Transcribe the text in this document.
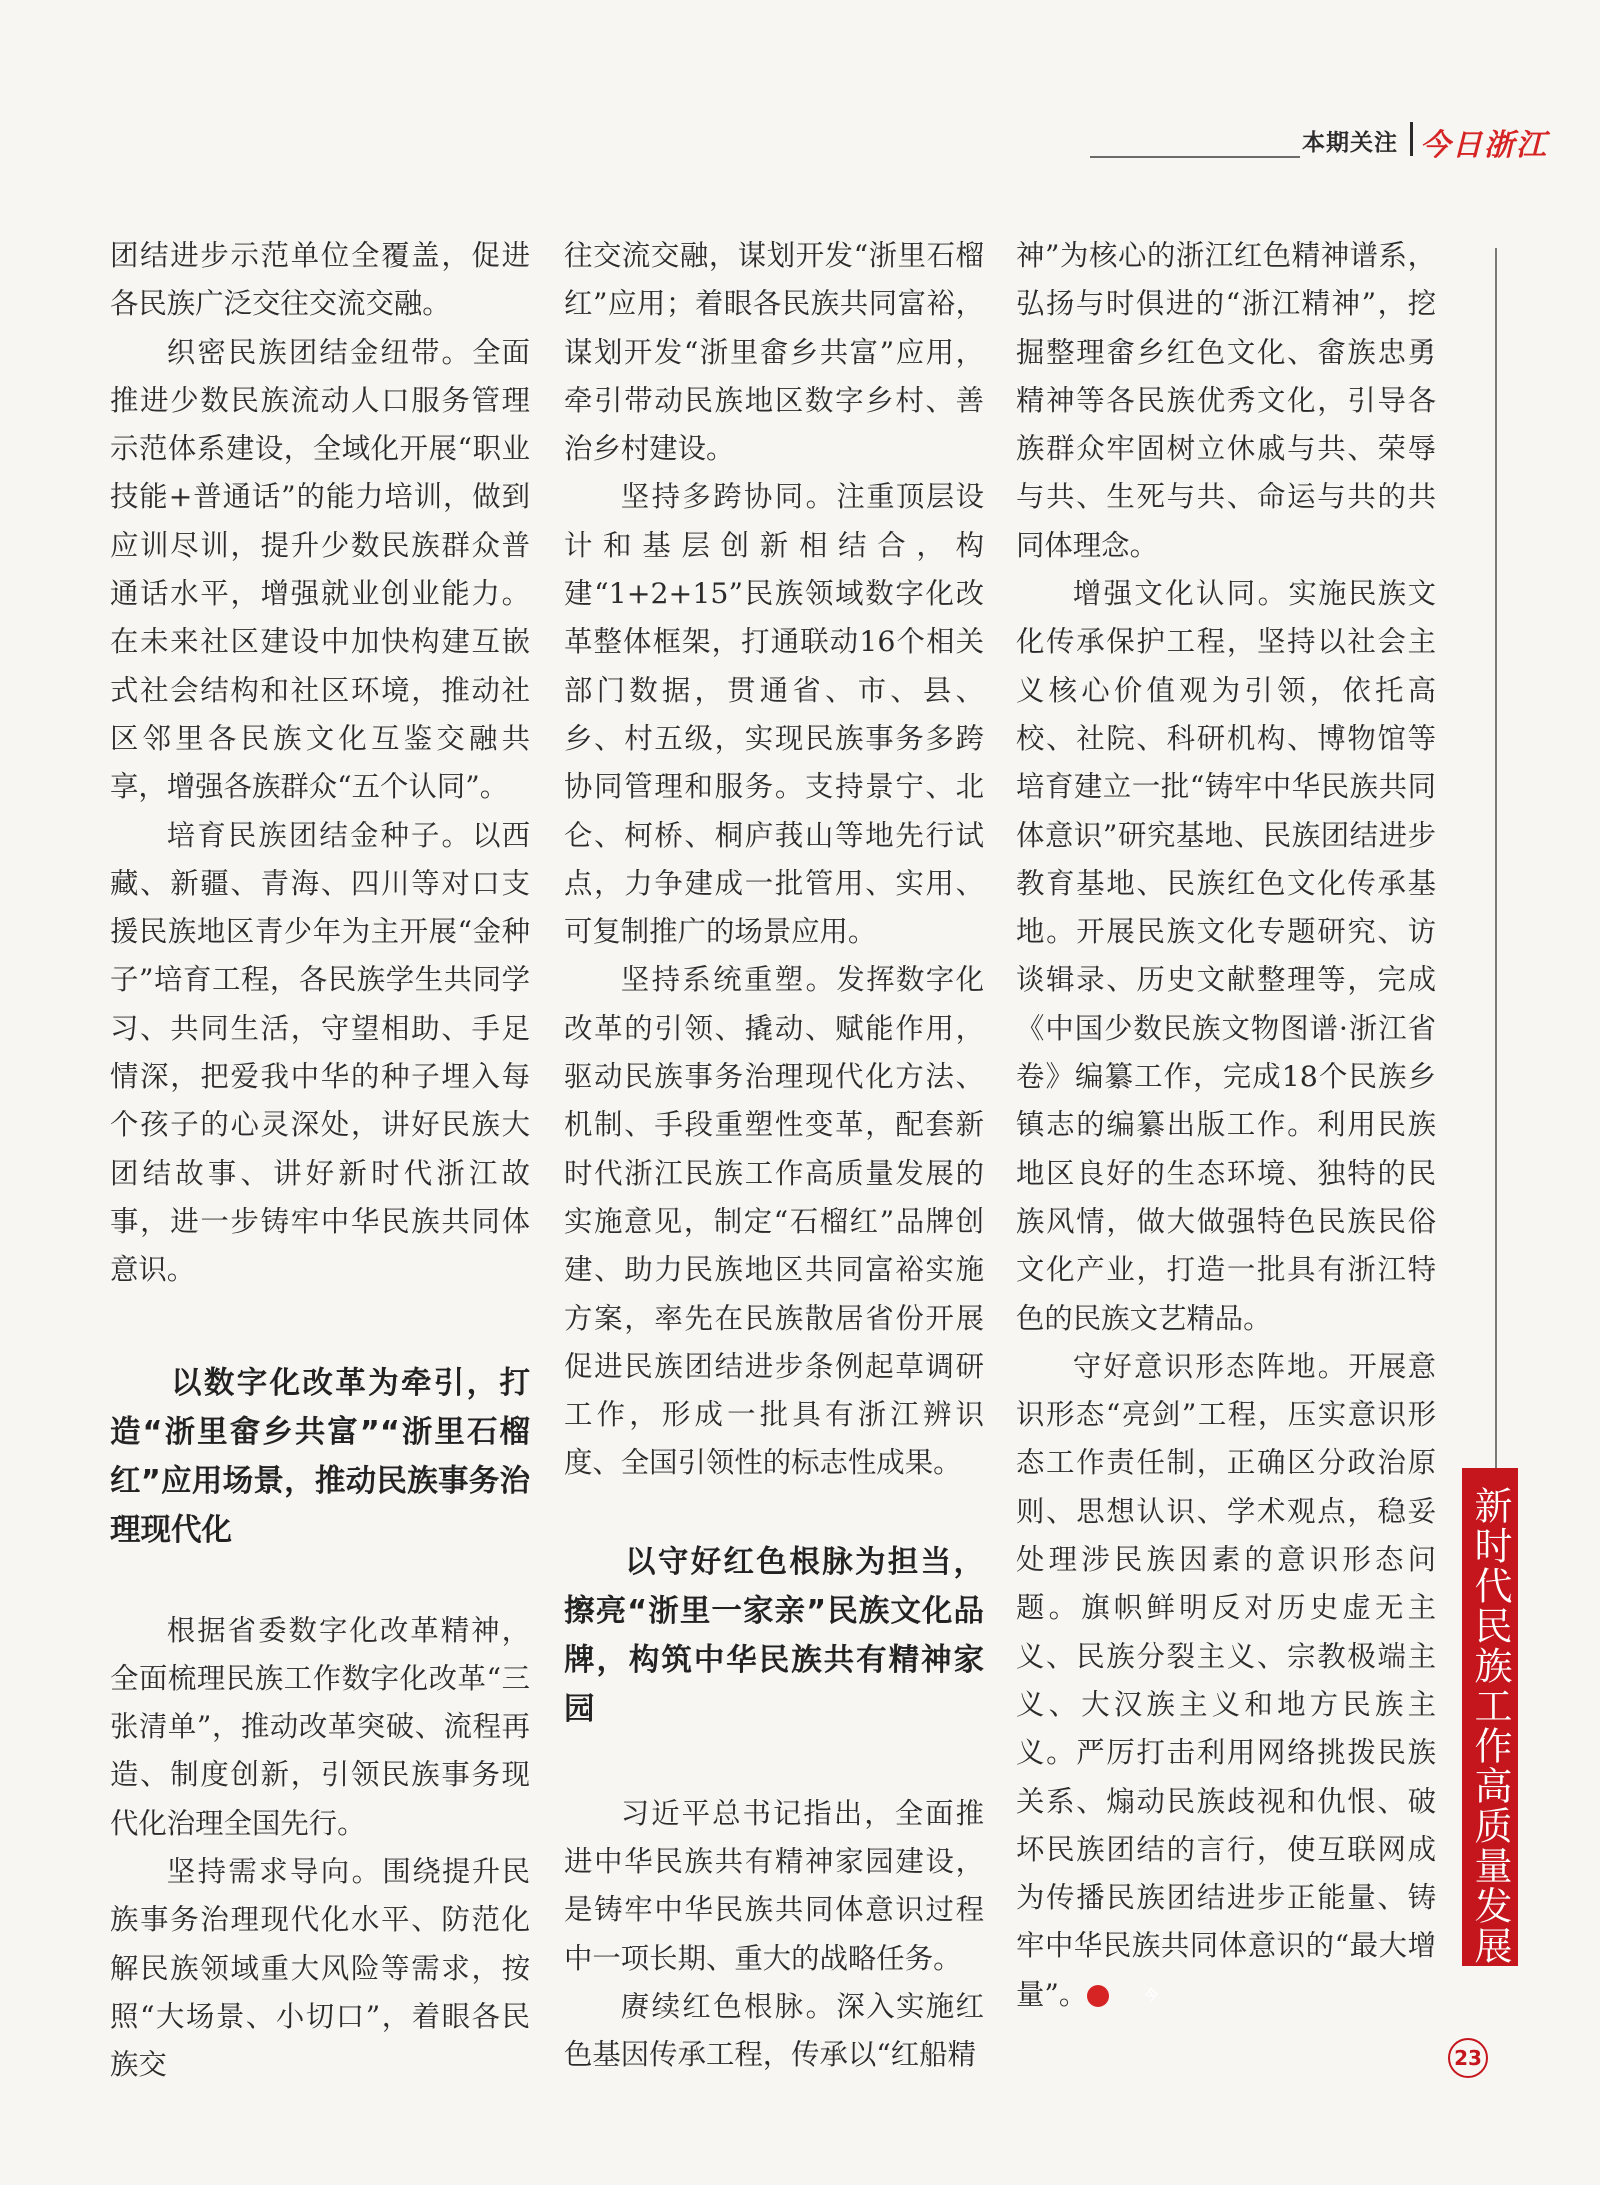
本期关注 今日浙江

团结进步示范单位全覆盖，促进各民族广泛交往交流交融。

织密民族团结金纽带。全面推进少数民族流动人口服务管理示范体系建设，全域化开展“职业技能+普通话”的能力培训，做到应训尽训，提升少数民族群众普通话水平，增强就业创业能力。在未来社区建设中加快构建互嵌式社会结构和社区环境，推动社区邻里各民族文化互鉴交融共享，增强各族群众“五个认同”。

培育民族团结金种子。以西藏、新疆、青海、四川等对口支援民族地区青少年为主开展“金种子”培育工程，各民族学生共同学习、共同生活，守望相助、手足情深，把爱我中华的种子埋入每个孩子的心灵深处，讲好民族大团结故事、讲好新时代浙江故事，进一步铸牢中华民族共同体意识。

以数字化改革为牵引，打造“浙里畲乡共富”“浙里石榴红”应用场景，推动民族事务治理现代化

根据省委数字化改革精神，全面梳理民族工作数字化改革“三张清单”，推动改革突破、流程再造、制度创新，引领民族事务现代化治理全国先行。

坚持需求导向。围绕提升民族事务治理现代化水平、防范化解民族领域重大风险等需求，按照“大场景、小切口”，着眼各民族交

往交流交融，谋划开发“浙里石榴红”应用；着眼各民族共同富裕，谋划开发“浙里畲乡共富”应用，牵引带动民族地区数字乡村、善治乡村建设。

坚持多跨协同。注重顶层设计和基层创新相结合，构建“1+2+15”民族领域数字化改革整体框架，打通联动16个相关部门数据，贯通省、市、县、乡、村五级，实现民族事务多跨协同管理和服务。支持景宁、北仑、柯桥、桐庐莪山等地先行试点，力争建成一批管用、实用、可复制推广的场景应用。

坚持系统重塑。发挥数字化改革的引领、撬动、赋能作用，驱动民族事务治理现代化方法、机制、手段重塑性变革，配套新时代浙江民族工作高质量发展的实施意见，制定“石榴红”品牌创建、助力民族地区共同富裕实施方案，率先在民族散居省份开展促进民族团结进步条例起草调研工作，形成一批具有浙江辨识度、全国引领性的标志性成果。

以守好红色根脉为担当，擦亮“浙里一家亲”民族文化品牌，构筑中华民族共有精神家园

习近平总书记指出，全面推进中华民族共有精神家园建设，是铸牢中华民族共同体意识过程中一项长期、重大的战略任务。

赓续红色根脉。深入实施红色基因传承工程，传承以“红船精

神”为核心的浙江红色精神谱系，弘扬与时俱进的“浙江精神”，挖掘整理畲乡红色文化、畲族忠勇精神等各民族优秀文化，引导各族群众牢固树立休戚与共、荣辱与共、生死与共、命运与共的共同体理念。

增强文化认同。实施民族文化传承保护工程，坚持以社会主义核心价值观为引领，依托高校、社院、科研机构、博物馆等培育建立一批“铸牢中华民族共同体意识”研究基地、民族团结进步教育基地、民族红色文化传承基地。开展民族文化专题研究、访谈辑录、历史文献整理等，完成《中国少数民族文物图谱·浙江省卷》编纂工作，完成18个民族乡镇志的编纂出版工作。利用民族地区良好的生态环境、独特的民族风情，做大做强特色民族民俗文化产业，打造一批具有浙江特色的民族文艺精品。

守好意识形态阵地。开展意识形态“亮剑”工程，压实意识形态工作责任制，正确区分政治原则、思想认识、学术观点，稳妥处理涉民族因素的意识形态问题。旗帜鲜明反对历史虚无主义、民族分裂主义、宗教极端主义、大汉族主义和地方民族主义。严厉打击利用网络挑拨民族关系、煽动民族歧视和仇恨、破坏民族团结的言行，使互联网成为传播民族团结进步正能量、铸牢中华民族共同体意识的“最大增量”。	今

新时代民族工作高质量发展
23
